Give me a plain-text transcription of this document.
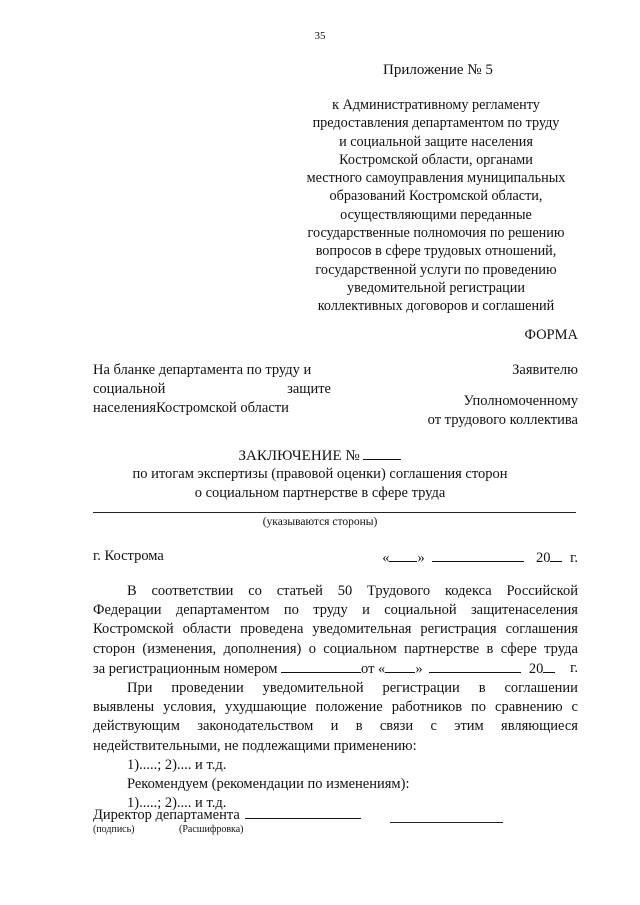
35
Приложение № 5
к Административному регламенту
предоставления департаментом по труду
и социальной защите населения
Костромской области, органами
местного самоуправления муниципальных
образований Костромской области,
осуществляющими переданные
государственные полномочия по решению
вопросов в сфере трудовых отношений,
государственной услуги по проведению
уведомительной регистрации
коллективных договоров и соглашений
ФОРМА
На бланке департамента по труду и
социальной	защите
населенияКостромской области
Заявителю
Уполномоченному
от трудового коллектива
ЗАКЛЮЧЕНИЕ №
по итогам экспертизы (правовой оценки) соглашения сторон
о социальном партнерстве в сфере труда
(указываются стороны)
г. Кострома	« »	20 г.
В соответствии со статьей 50 Трудового кодекса Российской
Федерации департаментом по труду и социальной защитенаселения
Костромской области проведена уведомительная регистрация соглашения
сторон (изменения, дополнения) о социальном партнерстве в сфере труда
за регистрационным номером	от « »	20	г.
При проведении уведомительной регистрации в соглашении
выявлены условия, ухудшающие положение работников по сравнению с
действующим законодательством и в связи с этим являющиеся
недействительными, не подлежащими применению:
1).....; 2).... и т.д.
Рекомендуем (рекомендации по изменениям):
1).....; 2).... и т.д.
Директор департамента
(подпись)	(Расшифровка)
